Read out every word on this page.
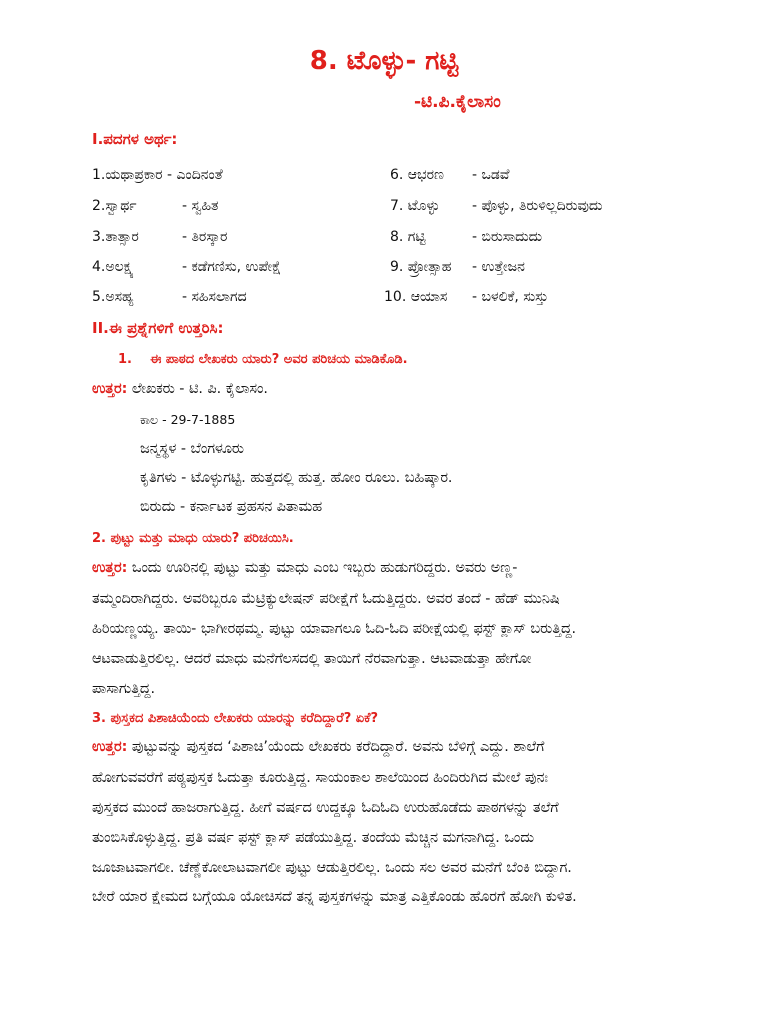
8. ಟೊಳ್ಳು- ಗಟ್ಟಿ
-ಟಿ.ಪಿ.ಕೈಲಾಸಂ
I.ಪದಗಳ ಅರ್ಥ:
1.ಯಥಾಪ್ರಕಾರ - ಎಂದಿನಂತೆ
2.ಸ್ವಾರ್ಥ	- ಸ್ವಹಿತ
3.ತಾತ್ಸಾರ	- ತಿರಸ್ಕಾರ
4.ಅಲಕ್ಷ್ಯ	- ಕಡೆಗಣಿಸು, ಉಪೇಕ್ಷೆ
5.ಅಸಹ್ಯ	- ಸಹಿಸಲಾಗದ
6. ಆಭರಣ - ಒಡವೆ
7. ಟೊಳ್ಳು - ಪೊಳ್ಳು, ತಿರುಳಿಲ್ಲದಿರುವುದು
8. ಗಟ್ಟಿ	- ಬಿರುಸಾದುದು
9. ಪ್ರೋತ್ಸಾಹ - ಉತ್ತೇಜನ
10. ಆಯಾಸ - ಬಳಲಿಕೆ, ಸುಸ್ತು
II.ಈ ಪ್ರಶ್ನೆಗಳಿಗೆ ಉತ್ತರಿಸಿ:
1. ಈ ಪಾಠದ ಲೇಖಕರು ಯಾರು? ಅವರ ಪರಿಚಯ ಮಾಡಿಕೊಡಿ.
ಉತ್ತರ: ಲೇಖಕರು - ಟಿ. ಪಿ. ಕೈಲಾಸಂ.
ಕಾಲ - 29-7-1885
ಜನ್ಮಸ್ಥಳ - ಬೆಂಗಳೂರು
ಕೃತಿಗಳು - ಟೊಳ್ಳುಗಟ್ಟಿ. ಹುತ್ತದಲ್ಲಿ ಹುತ್ತ. ಹೋಂ ರೂಲು. ಬಹಿಷ್ಕಾರ.
ಬಿರುದು - ಕರ್ನಾಟಕ ಪ್ರಹಸನ ಪಿತಾಮಹ
2. ಪುಟ್ಟು ಮತ್ತು ಮಾಧು ಯಾರು? ಪರಿಚಯಿಸಿ.
ಉತ್ತರ: ಒಂದು ಊರಿನಲ್ಲಿ ಪುಟ್ಟು ಮತ್ತು ಮಾಧು ಎಂಬ ಇಬ್ಬರು ಹುಡುಗರಿದ್ದರು. ಅವರು ಅಣ್ಣ-
ತಮ್ಮಂದಿರಾಗಿದ್ದರು. ಅವರಿಬ್ಬರೂ ಮೆಟ್ರಿಕ್ಯುಲೇಷನ್ ಪರೀಕ್ಷೆಗೆ ಓದುತ್ತಿದ್ದರು. ಅವರ ತಂದೆ - ಹೆಡ್ ಮುನಿಷಿ
ಹಿರಿಯಣ್ಣಯ್ಯ. ತಾಯಿ- ಭಾಗೀರಥಮ್ಮ. ಪುಟ್ಟು ಯಾವಾಗಲೂ ಓದಿ-ಓದಿ ಪರೀಕ್ಷೆಯಲ್ಲಿ ಫಸ್ಟ್ ಕ್ಲಾಸ್ ಬರುತ್ತಿದ್ದ.
ಆಟವಾಡುತ್ತಿರಲಿಲ್ಲ. ಆದರೆ ಮಾಧು ಮನೆಗೆಲಸದಲ್ಲಿ ತಾಯಿಗೆ ನೆರವಾಗುತ್ತಾ. ಆಟವಾಡುತ್ತಾ ಹೇಗೋ
ಪಾಸಾಗುತ್ತಿದ್ದ.
3. ಪುಸ್ತಕದ ಪಿಶಾಚಿಯೆಂದು ಲೇಖಕರು ಯಾರನ್ನು ಕರೆದಿದ್ದಾರೆ? ಏಕೆ?
ಉತ್ತರ: ಪುಟ್ಟುವನ್ನು ಪುಸ್ತಕದ ‘ಪಿಶಾಚಿ’ಯೆಂದು ಲೇಖಕರು ಕರೆದಿದ್ದಾರೆ. ಅವನು ಬೆಳಿಗ್ಗೆ ಎದ್ದು. ಶಾಲೆಗೆ
ಹೋಗುವವರೆಗೆ ಪಠ್ಯಪುಸ್ತಕ ಓದುತ್ತಾ ಕೂರುತ್ತಿದ್ದ. ಸಾಯಂಕಾಲ ಶಾಲೆಯಿಂದ ಹಿಂದಿರುಗಿದ ಮೇಲೆ ಪುನಃ
ಪುಸ್ತಕದ ಮುಂದೆ ಹಾಜರಾಗುತ್ತಿದ್ದ. ಹೀಗೆ ವರ್ಷದ ಉದ್ದಕ್ಕೂ ಓದಿಓದಿ ಉರುಹೊಡೆದು ಪಾಠಗಳನ್ನು ತಲೆಗೆ
ತುಂಬಿಸಿಕೊಳ್ಳುತ್ತಿದ್ದ. ಪ್ರತಿ ವರ್ಷ ಫಸ್ಟ್ ಕ್ಲಾಸ್ ಪಡೆಯುತ್ತಿದ್ದ. ತಂದೆಯ ಮೆಚ್ಚಿನ ಮಗನಾಗಿದ್ದ. ಒಂದು
ಜೂಜಾಟವಾಗಲೀ. ಚೆಣ್ಣೆಕೋಲಾಟವಾಗಲೀ ಪುಟ್ಟು ಆಡುತ್ತಿರಲಿಲ್ಲ. ಒಂದು ಸಲ ಅವರ ಮನೆಗೆ ಬೆಂಕಿ ಬಿದ್ದಾಗ.
ಬೇರೆ ಯಾರ ಕ್ಷೇಮದ ಬಗ್ಗೆಯೂ ಯೋಚಿಸದೆ ತನ್ನ ಪುಸ್ತಕಗಳನ್ನು ಮಾತ್ರ ಎತ್ತಿಕೊಂಡು ಹೊರಗೆ ಹೋಗಿ ಕುಳಿತ.
